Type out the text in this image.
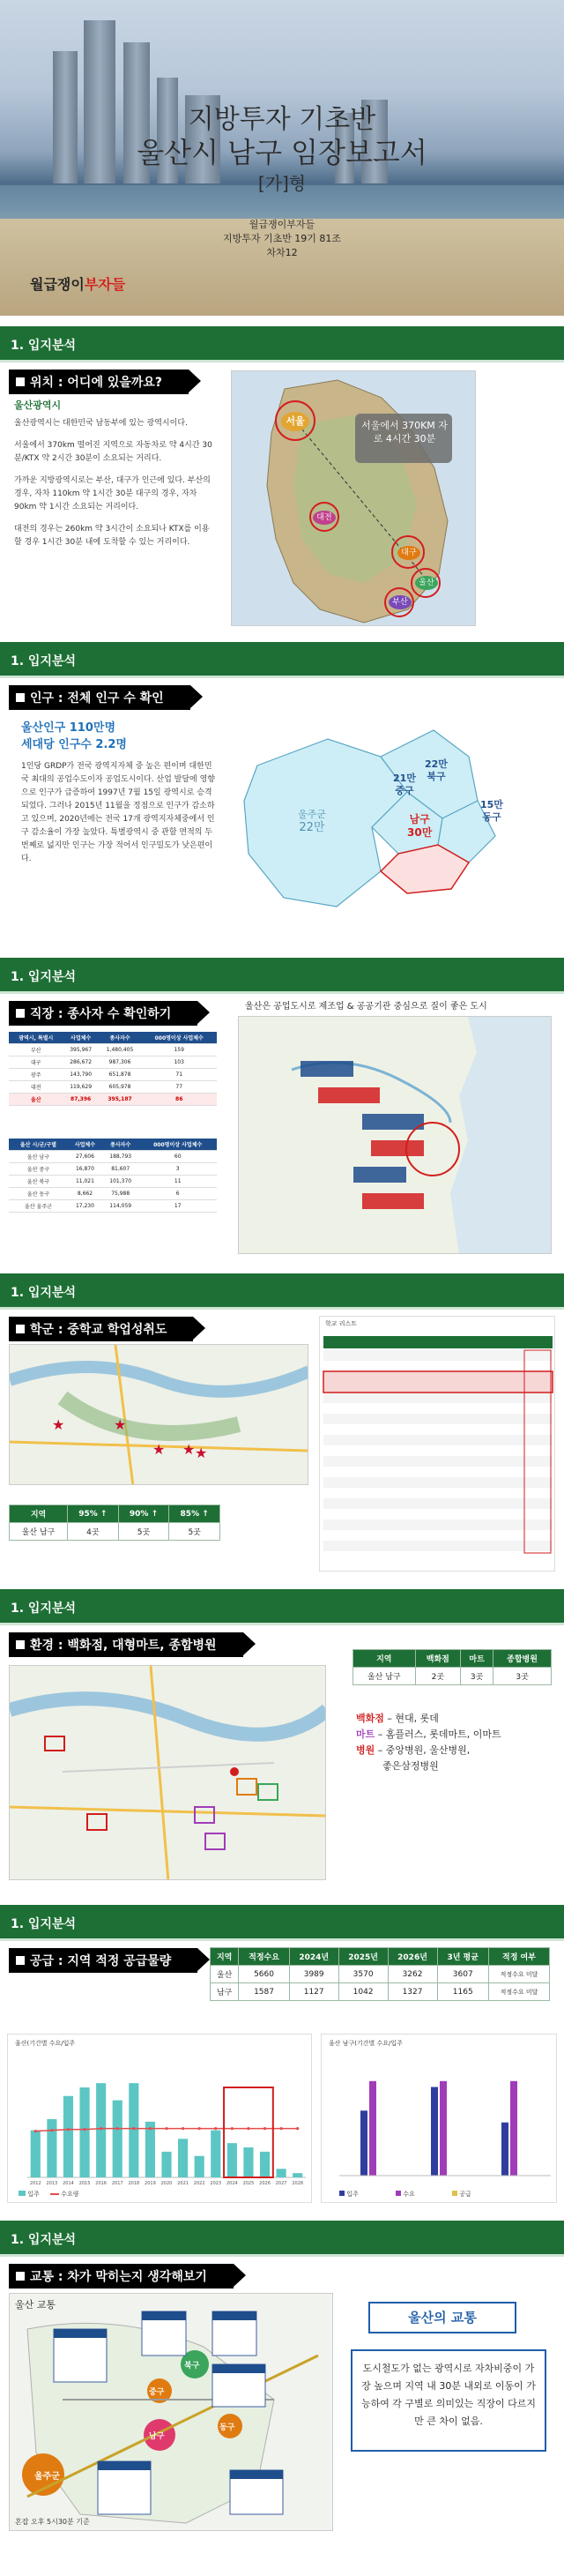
지방투자 기초반
울산시 남구 임장보고서
[가]형
월급쟁이부자들
지방투자 기초반 19기 81조
차차12
월급쟁이부자들
1. 입지분석
위치 : 어디에 있을까요?
울산광역시

울산광역시는 대한민국 남동부에 있는 광역시이다.

서울에서 370km 떨어진 지역으로 자동차로 약 4시간 30분/KTX 약 2시간 30분이 소요되는 거리다.

가까운 지방광역시로는 부산, 대구가 인근에 있다. 부산의 경우, 자차 110km 약 1시간 30분 대구의 경우, 자차 90km 약 1시간 소요되는 거리이다.

대전의 경우는 260km 약 3시간이 소요되나 KTX를 이용할 경우 1시간 30분 내에 도착할 수 있는 거리이다.

서울
대전
대구
울산
부산
서울에서 370KM 자로 4시간 30분
1. 입지분석
인구 : 전체 인구 수 확인
울산인구 110만명
세대당 인구수 2.2명
1인당 GRDP가 전국 광역지자체 중 높은 편이며 대한민국 최대의 공업수도이자 공업도시이다. 산업 발달에 영향으로 인구가 급증하여 1997년 7월 15일 광역시로 승격되었다. 그러나 2015년 11월을 정점으로 인구가 감소하고 있으며, 2020년에는 전국 17개 광역지자체중에서 인구 감소율이 가장 높았다. 특별광역시 중 관할 면적의 두 번째로 넓지만 인구는 가장 적어서 인구밀도가 낮은편이다.
울주군
22만
22만
북구
21만
중구
15만
동구
남구
30만
1. 입지분석
직장 : 종사자 수 확인하기
울산은 공업도시로 제조업 & 공공기관 중심으로 질이 좋은 도시
광역시, 특별시	사업체수	종사자수	000명이상 사업체수
부산	395,967	1,480,405	159
대구	286,672	987,306	103
광주	143,790	651,878	71
대전	119,629	605,978	77
울산	87,396	395,187	86
울산 시/군/구별	사업체수	종사자수	000명이상 사업체수
울산 남구	27,606	188,793	60
울산 중구	16,870	81,607	3
울산 북구	11,021	101,370	11
울산 동구	8,662	75,988	6
울산 울주군	17,230	114,059	17
1. 입지분석
학군 : 중학교 학업성취도
★	★
★ ★ ★
지역	95% ↑	90% ↑	85% ↑
울산 남구	4곳	5곳	5곳
학교 리스트
1. 입지분석
환경 : 백화점, 대형마트, 종합병원
지역	백화점	마트	종합병원
울산 남구	2곳	3곳	3곳
백화점 – 현대, 롯데
마트 – 홈플러스, 롯데마트, 이마트
병원 – 중앙병원, 울산병원,
좋은삼정병원
1. 입지분석
공급 : 지역 적정 공급물량	지역	적정수요	2024년	2025년	2026년	3년 평균	적정 여부
울산	5660	3989	3570	3262	3607	적정수요 미달
남구	1587	1127	1042	1327	1165	적정수요 미달
울산(기간별 수요/입주
2012 2013 2014 2015 2016 2017 2018 2019 2020 2021 2022 2023 2024 2025 2026 2027 2028
입주	수요량
울산 남구(기간별 수요/입주
입주	수요	공급
1. 입지분석
교통 : 차가 막히는지 생각해보기
울산 교통
울주군
북구
중구
남구
동구
혼잡 오후 5시30분 기준
울산의 교통
도시철도가 없는 광역시로 자차비중이 가장 높으며 지역 내 30분 내외로 이동이 가능하여 각 구별로 의미있는 직장이 다르지만 큰 차이 없음.
